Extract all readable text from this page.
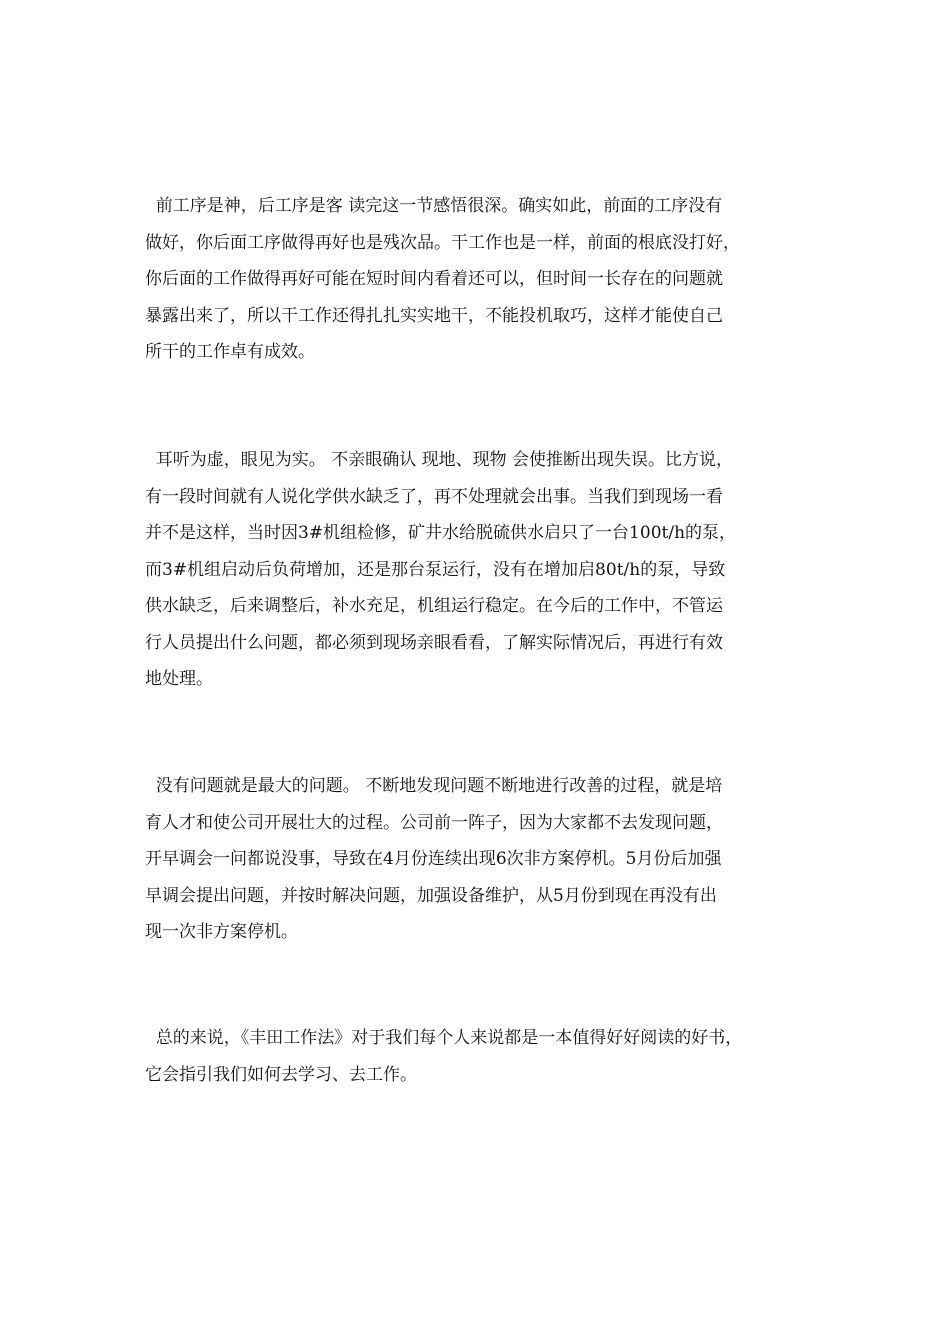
前工序是神，后工序是客 读完这一节感悟很深。确实如此，前面的工序没有
做好，你后面工序做得再好也是残次品。干工作也是一样，前面的根底没打好，
你后面的工作做得再好可能在短时间内看着还可以，但时间一长存在的问题就
暴露出来了，所以干工作还得扎扎实实地干，不能投机取巧，这样才能使自己
所干的工作卓有成效。
耳听为虚，眼见为实。 不亲眼确认 现地、现物 会使推断出现失误。比方说，
有一段时间就有人说化学供水缺乏了，再不处理就会出事。当我们到现场一看
并不是这样，当时因3#机组检修，矿井水给脱硫供水启只了一台100t/h的泵，
而3#机组启动后负荷增加，还是那台泵运行，没有在增加启80t/h的泵，导致
供水缺乏，后来调整后，补水充足，机组运行稳定。在今后的工作中，不管运
行人员提出什么问题，都必须到现场亲眼看看，了解实际情况后，再进行有效
地处理。
没有问题就是最大的问题。 不断地发现问题不断地进行改善的过程，就是培
育人才和使公司开展壮大的过程。公司前一阵子，因为大家都不去发现问题，
开早调会一问都说没事，导致在4月份连续出现6次非方案停机。5月份后加强
早调会提出问题，并按时解决问题，加强设备维护，从5月份到现在再没有出
现一次非方案停机。
总的来说，《丰田工作法》对于我们每个人来说都是一本值得好好阅读的好书，
它会指引我们如何去学习、去工作。
